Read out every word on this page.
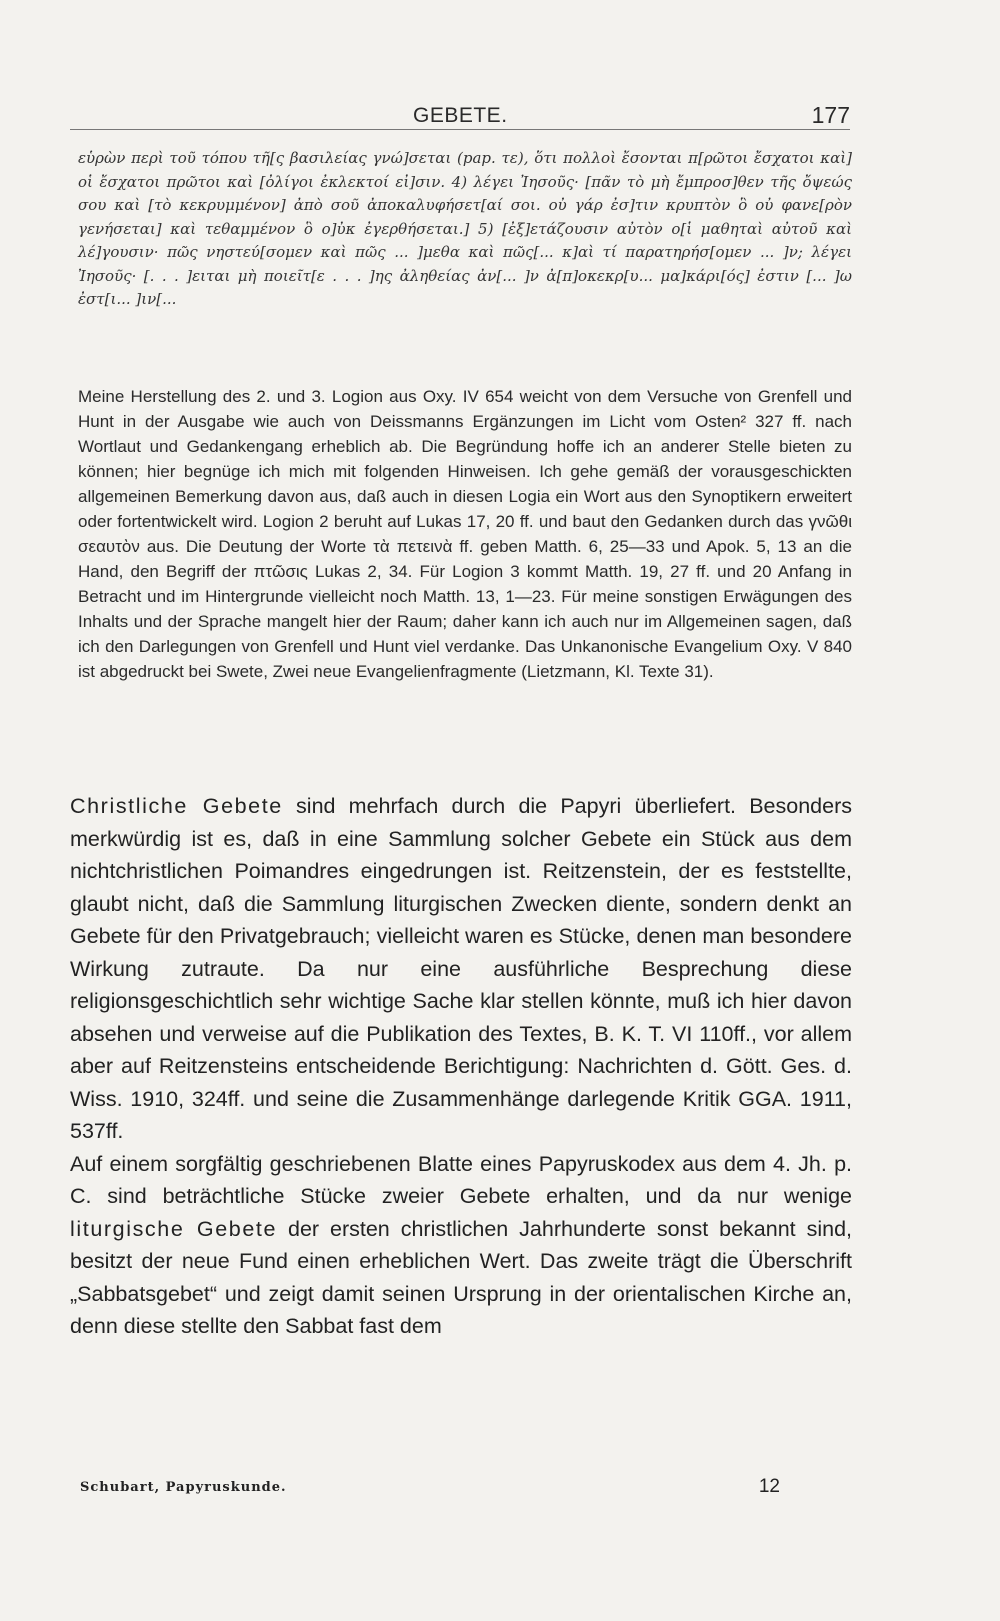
GEBETE.	177
εὑρὼν περὶ τοῦ τόπου τῆ[ς βασιλείας γνώ]σεται (pap. τε), ὅτι πολλοὶ ἔσονται π[ρῶτοι ἔσχατοι καὶ] οἱ ἔσχατοι πρῶτοι καὶ [ὀλίγοι ἐκλεκτοί εἰ]σιν. 4) λέγει Ἰησοῦς· [πᾶν τὸ μὴ ἔμπροσ]θεν τῆς ὄψεώς σου καὶ [τὸ κεκρυμμένον] ἀπὸ σοῦ ἀποκαλυφήσετ[αί σοι. οὐ γάρ ἐσ]τιν κρυπτὸν ὃ οὐ φανε[ρὸν γενήσεται] καὶ τεθαμμένον ὃ ο]ὐκ ἐγερθήσεται.] 5) [ἐξ]ετάζουσιν αὐτὸν ο[ἱ μαθηταὶ αὐτοῦ καὶ λέ]γουσιν· πῶς νηστεύ[σομεν καὶ πῶς ... ]μεθα καὶ πῶς[... κ]αὶ τί παρατηρήσ[ομεν ... ]ν; λέγει Ἰησοῦς· [. . . ]ειται μὴ ποιεῖτ[ε . . . ]ης ἀληθείας ἀν[... ]ν ἀ[π]οκεκρ[υ... μα]κάρι[ός] ἐστιν [... ]ω ἐστ[ι... ]ιν[...

Meine Herstellung des 2. und 3. Logion aus Oxy. IV 654 weicht von dem Versuche von Grenfell und Hunt in der Ausgabe wie auch von Deissmanns Ergänzungen im Licht vom Osten² 327 ff. nach Wortlaut und Gedankengang erheblich ab. Die Begründung hoffe ich an anderer Stelle bieten zu können; hier begnüge ich mich mit folgenden Hinweisen. Ich gehe gemäß der vorausgeschickten allgemeinen Bemerkung davon aus, daß auch in diesen Logia ein Wort aus den Synoptikern erweitert oder fortentwickelt wird. Logion 2 beruht auf Lukas 17, 20 ff. und baut den Gedanken durch das γνῶθι σεαυτὸν aus. Die Deutung der Worte τὰ πετεινὰ ff. geben Matth. 6, 25—33 und Apok. 5, 13 an die Hand, den Begriff der πτῶσις Lukas 2, 34. Für Logion 3 kommt Matth. 19, 27 ff. und 20 Anfang in Betracht und im Hintergrunde vielleicht noch Matth. 13, 1—23. Für meine sonstigen Erwägungen des Inhalts und der Sprache mangelt hier der Raum; daher kann ich auch nur im Allgemeinen sagen, daß ich den Darlegungen von Grenfell und Hunt viel verdanke. Das Unkanonische Evangelium Oxy. V 840 ist abgedruckt bei Swete, Zwei neue Evangelienfragmente (Lietzmann, Kl. Texte 31).

Christliche Gebete sind mehrfach durch die Papyri überliefert. Besonders merkwürdig ist es, daß in eine Sammlung solcher Gebete ein Stück aus dem nichtchristlichen Poimandres eingedrungen ist. Reitzenstein, der es feststellte, glaubt nicht, daß die Sammlung liturgischen Zwecken diente, sondern denkt an Gebete für den Privatgebrauch; vielleicht waren es Stücke, denen man besondere Wirkung zutraute. Da nur eine ausführliche Besprechung diese religionsgeschichtlich sehr wichtige Sache klar stellen könnte, muß ich hier davon absehen und verweise auf die Publikation des Textes, B. K. T. VI 110ff., vor allem aber auf Reitzensteins entscheidende Berichtigung: Nachrichten d. Gött. Ges. d. Wiss. 1910, 324ff. und seine die Zusammenhänge darlegende Kritik GGA. 1911, 537ff.

Auf einem sorgfältig geschriebenen Blatte eines Papyruskodex aus dem 4. Jh. p. C. sind beträchtliche Stücke zweier Gebete erhalten, und da nur wenige liturgische Gebete der ersten christlichen Jahrhunderte sonst bekannt sind, besitzt der neue Fund einen erheblichen Wert. Das zweite trägt die Überschrift „Sabbatsgebet“ und zeigt damit seinen Ursprung in der orientalischen Kirche an, denn diese stellte den Sabbat fast dem

Schubart, Papyruskunde.	12
